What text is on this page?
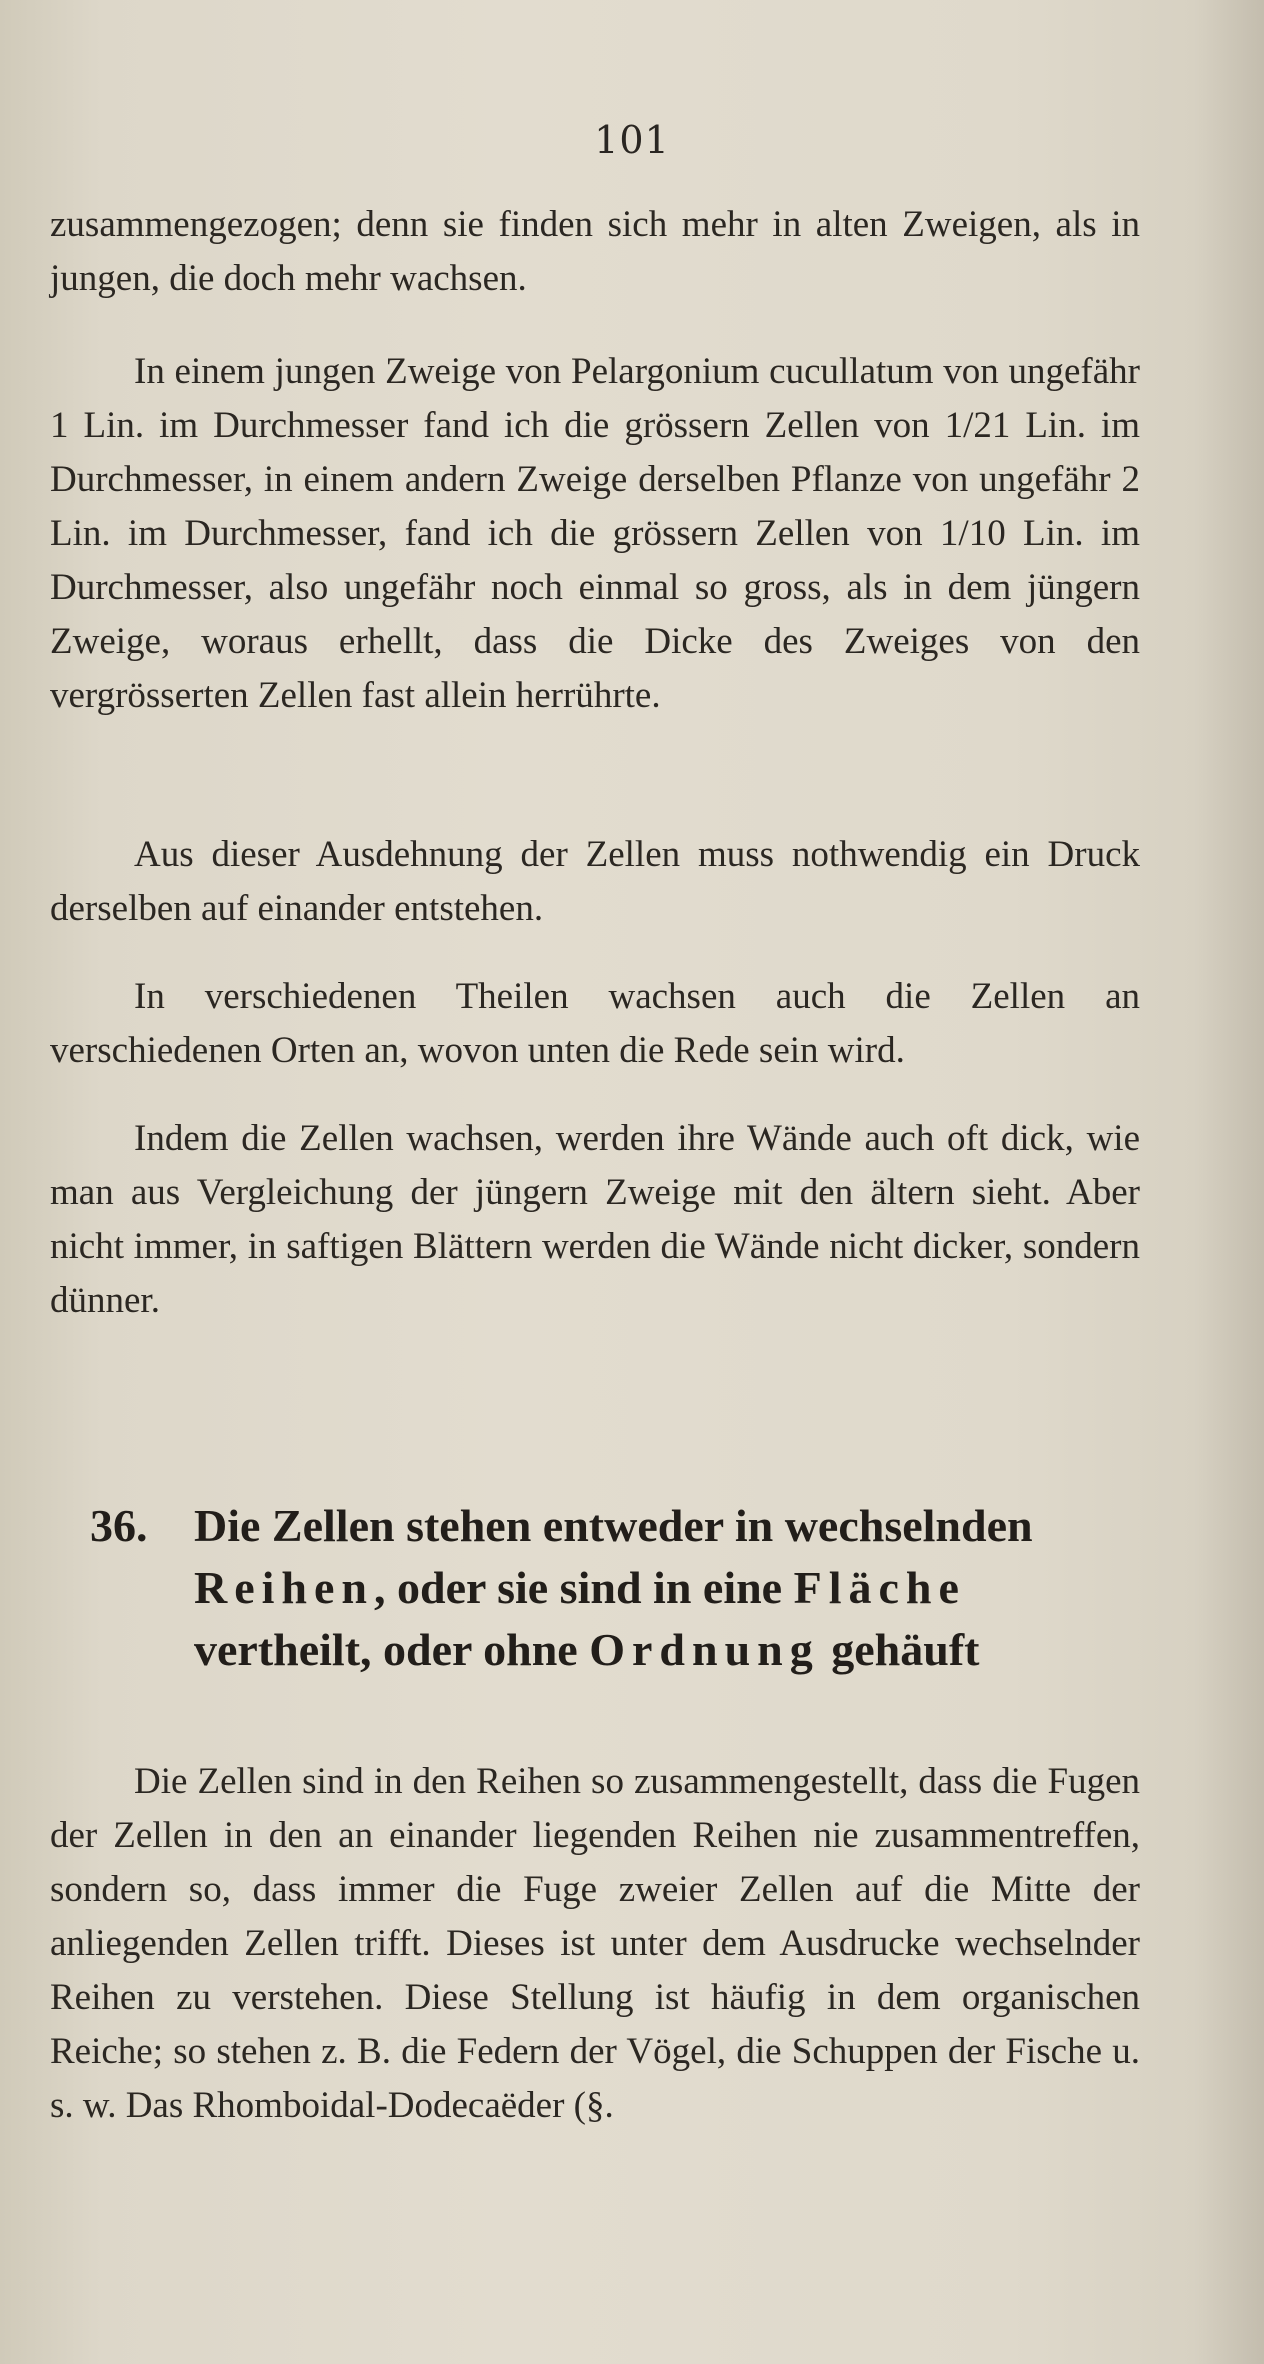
101

zusammengezogen; denn sie finden sich mehr in alten Zweigen, als in jungen, die doch mehr wachsen.

In einem jungen Zweige von Pelargonium cucullatum von ungefähr 1 Lin. im Durchmesser fand ich die grössern Zellen von 1/21 Lin. im Durchmesser, in einem andern Zweige derselben Pflanze von ungefähr 2 Lin. im Durchmesser, fand ich die grössern Zellen von 1/10 Lin. im Durchmesser, also ungefähr noch einmal so gross, als in dem jüngern Zweige, woraus erhellt, dass die Dicke des Zweiges von den vergrösserten Zellen fast allein herrührte.

Aus dieser Ausdehnung der Zellen muss nothwendig ein Druck derselben auf einander entstehen.

In verschiedenen Theilen wachsen auch die Zellen an verschiedenen Orten an, wovon unten die Rede sein wird.

Indem die Zellen wachsen, werden ihre Wände auch oft dick, wie man aus Vergleichung der jüngern Zweige mit den ältern sieht. Aber nicht immer, in saftigen Blättern werden die Wände nicht dicker, sondern dünner.

36. Die Zellen stehen entweder in wechselnden Reihen, oder sie sind in eine Fläche vertheilt, oder ohne Ordnung gehäuft

Die Zellen sind in den Reihen so zusammengestellt, dass die Fugen der Zellen in den an einander liegenden Reihen nie zusammentreffen, sondern so, dass immer die Fuge zweier Zellen auf die Mitte der anliegenden Zellen trifft. Dieses ist unter dem Ausdrucke wechselnder Reihen zu verstehen. Diese Stellung ist häufig in dem organischen Reiche; so stehen z. B. die Federn der Vögel, die Schuppen der Fische u. s. w. Das Rhomboidal-Dodecaëder (§.
